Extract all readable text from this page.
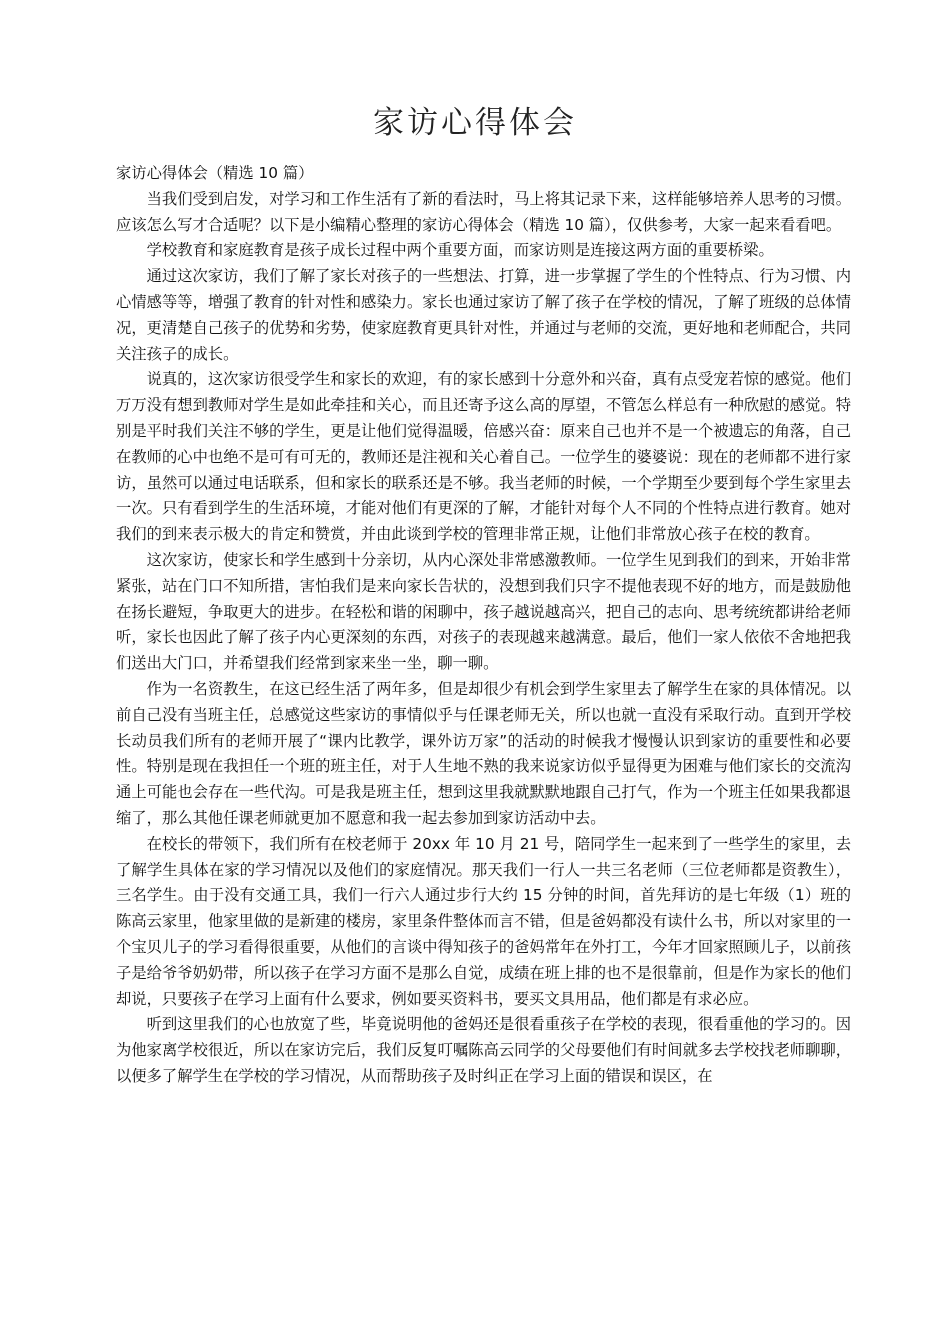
家访心得体会

家访心得体会（精选 10 篇）

当我们受到启发，对学习和工作生活有了新的看法时，马上将其记录下来，这样能够培养人思考的习惯。应该怎么写才合适呢？以下是小编精心整理的家访心得体会（精选 10 篇），仅供参考，大家一起来看看吧。

学校教育和家庭教育是孩子成长过程中两个重要方面，而家访则是连接这两方面的重要桥梁。

通过这次家访，我们了解了家长对孩子的一些想法、打算，进一步掌握了学生的个性特点、行为习惯、内心情感等等，增强了教育的针对性和感染力。家长也通过家访了解了孩子在学校的情况，了解了班级的总体情况，更清楚自己孩子的优势和劣势，使家庭教育更具针对性，并通过与老师的交流，更好地和老师配合，共同关注孩子的成长。

说真的，这次家访很受学生和家长的欢迎，有的家长感到十分意外和兴奋，真有点受宠若惊的感觉。他们万万没有想到教师对学生是如此牵挂和关心，而且还寄予这么高的厚望，不管怎么样总有一种欣慰的感觉。特别是平时我们关注不够的学生，更是让他们觉得温暖，倍感兴奋：原来自己也并不是一个被遗忘的角落，自己在教师的心中也绝不是可有可无的，教师还是注视和关心着自己。一位学生的婆婆说：现在的老师都不进行家访，虽然可以通过电话联系，但和家长的联系还是不够。我当老师的时候，一个学期至少要到每个学生家里去一次。只有看到学生的生活环境，才能对他们有更深的了解，才能针对每个人不同的个性特点进行教育。她对我们的到来表示极大的肯定和赞赏，并由此谈到学校的管理非常正规，让他们非常放心孩子在校的教育。

这次家访，使家长和学生感到十分亲切，从内心深处非常感激教师。一位学生见到我们的到来，开始非常紧张，站在门口不知所措，害怕我们是来向家长告状的，没想到我们只字不提他表现不好的地方，而是鼓励他在扬长避短，争取更大的进步。在轻松和谐的闲聊中，孩子越说越高兴，把自己的志向、思考统统都讲给老师听，家长也因此了解了孩子内心更深刻的东西，对孩子的表现越来越满意。最后，他们一家人依依不舍地把我们送出大门口，并希望我们经常到家来坐一坐，聊一聊。

作为一名资教生，在这已经生活了两年多，但是却很少有机会到学生家里去了解学生在家的具体情况。以前自己没有当班主任，总感觉这些家访的事情似乎与任课老师无关，所以也就一直没有采取行动。直到开学校长动员我们所有的老师开展了“课内比教学，课外访万家”的活动的时候我才慢慢认识到家访的重要性和必要性。特别是现在我担任一个班的班主任，对于人生地不熟的我来说家访似乎显得更为困难与他们家长的交流沟通上可能也会存在一些代沟。可是我是班主任，想到这里我就默默地跟自己打气，作为一个班主任如果我都退缩了，那么其他任课老师就更加不愿意和我一起去参加到家访活动中去。

在校长的带领下，我们所有在校老师于 20xx 年 10 月 21 号，陪同学生一起来到了一些学生的家里，去了解学生具体在家的学习情况以及他们的家庭情况。那天我们一行人一共三名老师（三位老师都是资教生），三名学生。由于没有交通工具，我们一行六人通过步行大约 15 分钟的时间，首先拜访的是七年级（1）班的陈高云家里，他家里做的是新建的楼房，家里条件整体而言不错，但是爸妈都没有读什么书，所以对家里的一个宝贝儿子的学习看得很重要，从他们的言谈中得知孩子的爸妈常年在外打工，今年才回家照顾儿子，以前孩子是给爷爷奶奶带，所以孩子在学习方面不是那么自觉，成绩在班上排的也不是很靠前，但是作为家长的他们却说，只要孩子在学习上面有什么要求，例如要买资料书，要买文具用品，他们都是有求必应。

听到这里我们的心也放宽了些，毕竟说明他的爸妈还是很看重孩子在学校的表现，很看重他的学习的。因为他家离学校很近，所以在家访完后，我们反复叮嘱陈高云同学的父母要他们有时间就多去学校找老师聊聊，以便多了解学生在学校的学习情况，从而帮助孩子及时纠正在学习上面的错误和误区，在
